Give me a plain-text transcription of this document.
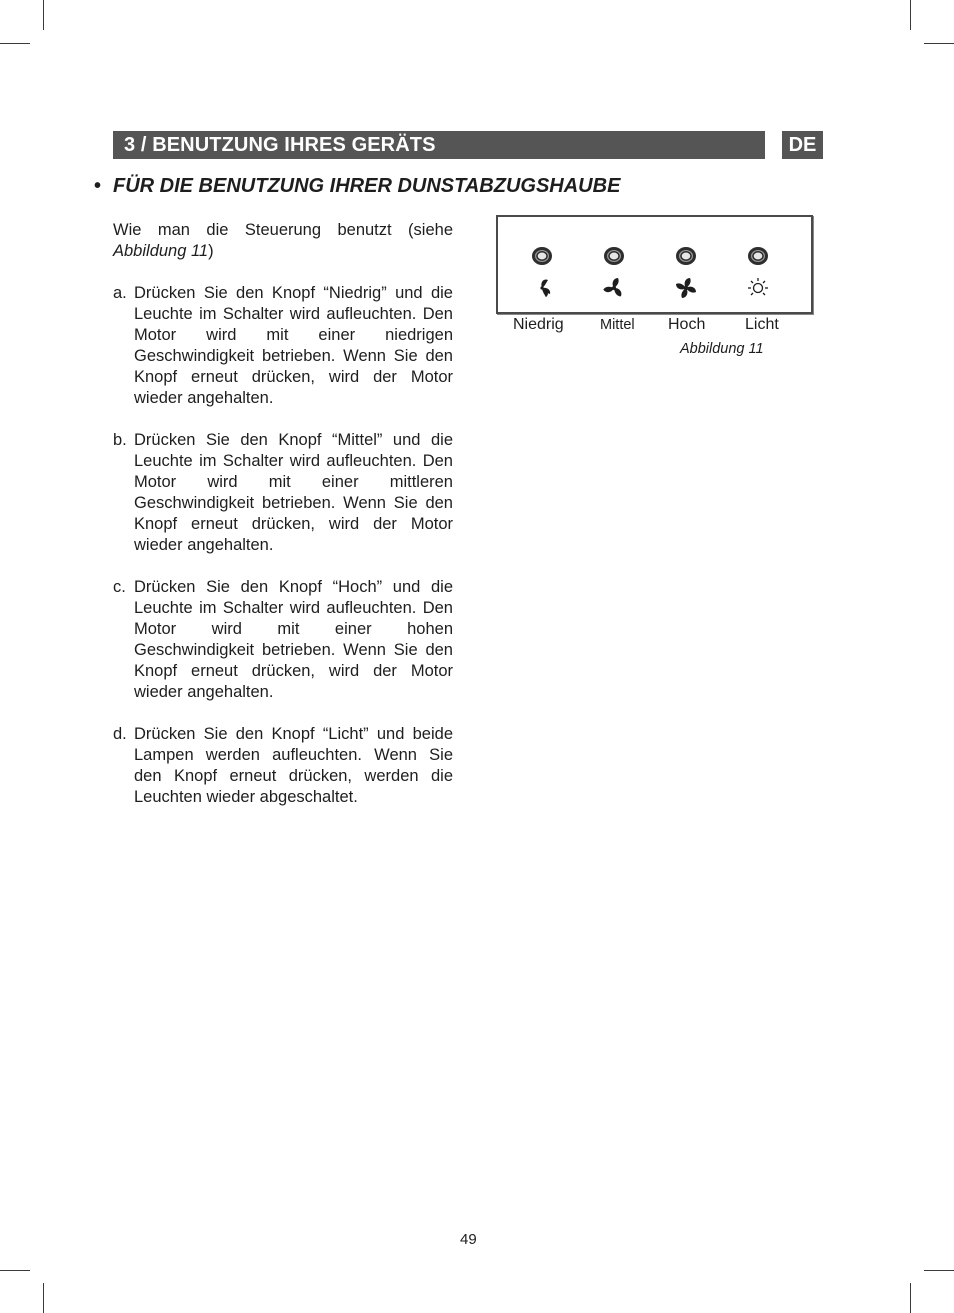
3 / BENUTZUNG IHRES GERÄTS	DE
• FÜR DIE BENUTZUNG IHRER DUNSTABZUGSHAUBE

Wie man die Steuerung benutzt (siehe Abbildung 11)

a. Drücken Sie den Knopf “Niedrig” und die Leuchte im Schalter wird aufleuchten. Den Motor wird mit einer niedrigen Geschwindigkeit betrieben. Wenn Sie den Knopf erneut drücken, wird der Motor wieder angehalten.
b. Drücken Sie den Knopf “Mittel” und die Leuchte im Schalter wird aufleuchten. Den Motor wird mit einer mittleren Geschwindigkeit betrieben. Wenn Sie den Knopf erneut drücken, wird der Motor wieder angehalten.
c. Drücken Sie den Knopf “Hoch” und die Leuchte im Schalter wird aufleuchten. Den Motor wird mit einer hohen Geschwindigkeit betrieben. Wenn Sie den Knopf erneut drücken, wird der Motor wieder angehalten.
d. Drücken Sie den Knopf “Licht” und beide Lampen werden aufleuchten. Wenn Sie den Knopf erneut drücken, werden die Leuchten wieder abgeschaltet.
Niedrig	Mittel Hoch Licht
Abbildung 11
49
